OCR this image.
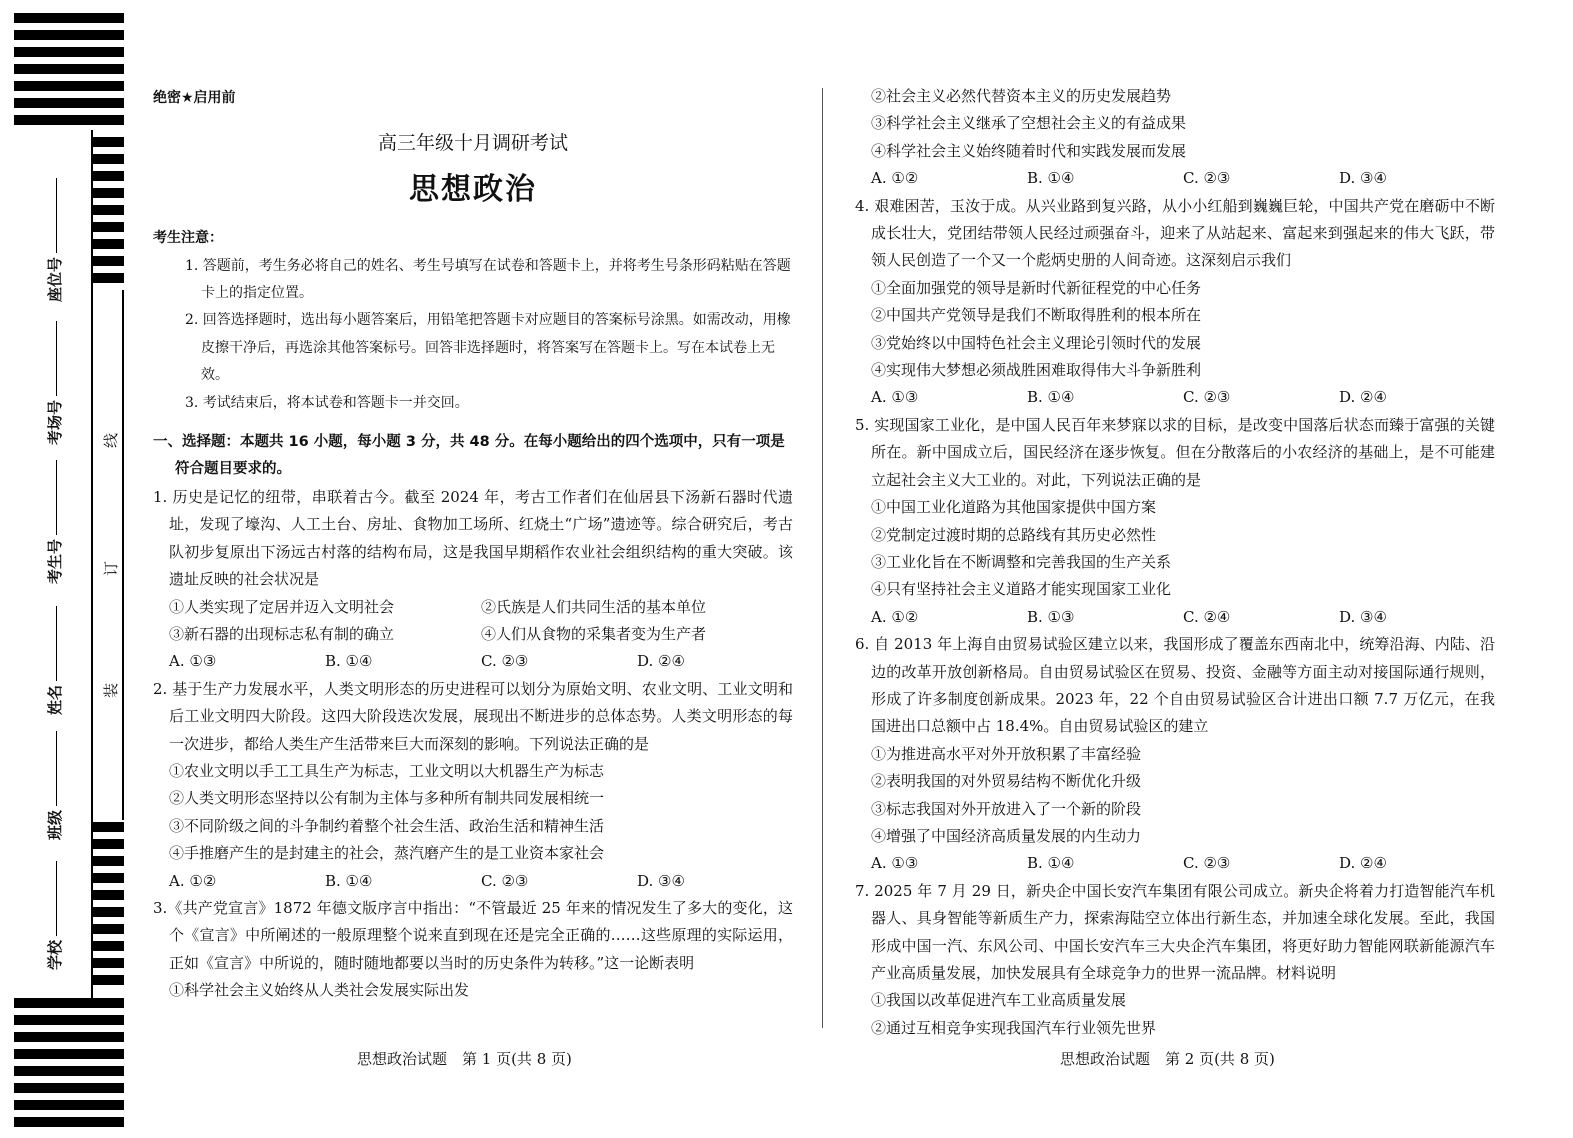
座位号
考场号
考生号
姓名
班级
学校
线
订
装
绝密★启用前
高三年级十月调研考试
思想政治
考生注意：
1. 答题前，考生务必将自己的姓名、考生号填写在试卷和答题卡上，并将考生号条形码粘贴在答题卡上的指定位置。
2. 回答选择题时，选出每小题答案后，用铅笔把答题卡对应题目的答案标号涂黑。如需改动，用橡皮擦干净后，再选涂其他答案标号。回答非选择题时，将答案写在答题卡上。写在本试卷上无效。
3. 考试结束后，将本试卷和答题卡一并交回。
一、选择题：本题共 16 小题，每小题 3 分，共 48 分。在每小题给出的四个选项中，只有一项是符合题目要求的。
1. 历史是记忆的纽带，串联着古今。截至 2024 年，考古工作者们在仙居县下汤新石器时代遗址，发现了壕沟、人工土台、房址、食物加工场所、红烧土“广场”遗迹等。综合研究后，考古队初步复原出下汤远古村落的结构布局，这是我国早期稻作农业社会组织结构的重大突破。该遗址反映的社会状况是
①人类实现了定居并迈入文明社会	②氏族是人们共同生活的基本单位
③新石器的出现标志私有制的确立	④人们从食物的采集者变为生产者
A. ①③	B. ①④	C. ②③	D. ②④
2. 基于生产力发展水平，人类文明形态的历史进程可以划分为原始文明、农业文明、工业文明和后工业文明四大阶段。这四大阶段迭次发展，展现出不断进步的总体态势。人类文明形态的每一次进步，都给人类生产生活带来巨大而深刻的影响。下列说法正确的是
①农业文明以手工工具生产为标志，工业文明以大机器生产为标志
②人类文明形态坚持以公有制为主体与多种所有制共同发展相统一
③不同阶级之间的斗争制约着整个社会生活、政治生活和精神生活
④手推磨产生的是封建主的社会，蒸汽磨产生的是工业资本家社会
A. ①②	B. ①④	C. ②③	D. ③④
3.《共产党宣言》1872 年德文版序言中指出：“不管最近 25 年来的情况发生了多大的变化，这个《宣言》中所阐述的一般原理整个说来直到现在还是完全正确的……这些原理的实际运用，正如《宣言》中所说的，随时随地都要以当时的历史条件为转移。”这一论断表明
①科学社会主义始终从人类社会发展实际出发
②社会主义必然代替资本主义的历史发展趋势
③科学社会主义继承了空想社会主义的有益成果
④科学社会主义始终随着时代和实践发展而发展
A. ①②	B. ①④	C. ②③	D. ③④
4. 艰难困苦，玉汝于成。从兴业路到复兴路，从小小红船到巍巍巨轮，中国共产党在磨砺中不断成长壮大，党团结带领人民经过顽强奋斗，迎来了从站起来、富起来到强起来的伟大飞跃，带领人民创造了一个又一个彪炳史册的人间奇迹。这深刻启示我们
①全面加强党的领导是新时代新征程党的中心任务
②中国共产党领导是我们不断取得胜利的根本所在
③党始终以中国特色社会主义理论引领时代的发展
④实现伟大梦想必须战胜困难取得伟大斗争新胜利
A. ①③	B. ①④	C. ②③	D. ②④
5. 实现国家工业化，是中国人民百年来梦寐以求的目标，是改变中国落后状态而臻于富强的关键所在。新中国成立后，国民经济在逐步恢复。但在分散落后的小农经济的基础上，是不可能建立起社会主义大工业的。对此，下列说法正确的是
①中国工业化道路为其他国家提供中国方案
②党制定过渡时期的总路线有其历史必然性
③工业化旨在不断调整和完善我国的生产关系
④只有坚持社会主义道路才能实现国家工业化
A. ①②	B. ①③	C. ②④	D. ③④
6. 自 2013 年上海自由贸易试验区建立以来，我国形成了覆盖东西南北中，统筹沿海、内陆、沿边的改革开放创新格局。自由贸易试验区在贸易、投资、金融等方面主动对接国际通行规则，形成了许多制度创新成果。2023 年，22 个自由贸易试验区合计进出口额 7.7 万亿元，在我国进出口总额中占 18.4%。自由贸易试验区的建立
①为推进高水平对外开放积累了丰富经验
②表明我国的对外贸易结构不断优化升级
③标志我国对外开放进入了一个新的阶段
④增强了中国经济高质量发展的内生动力
A. ①③	B. ①④	C. ②③	D. ②④
7. 2025 年 7 月 29 日，新央企中国长安汽车集团有限公司成立。新央企将着力打造智能汽车机器人、具身智能等新质生产力，探索海陆空立体出行新生态，并加速全球化发展。至此，我国形成中国一汽、东风公司、中国长安汽车三大央企汽车集团，将更好助力智能网联新能源汽车产业高质量发展，加快发展具有全球竞争力的世界一流品牌。材料说明
①我国以改革促进汽车工业高质量发展
②通过互相竞争实现我国汽车行业领先世界
思想政治试题　第 1 页(共 8 页)	思想政治试题　第 2 页(共 8 页)
